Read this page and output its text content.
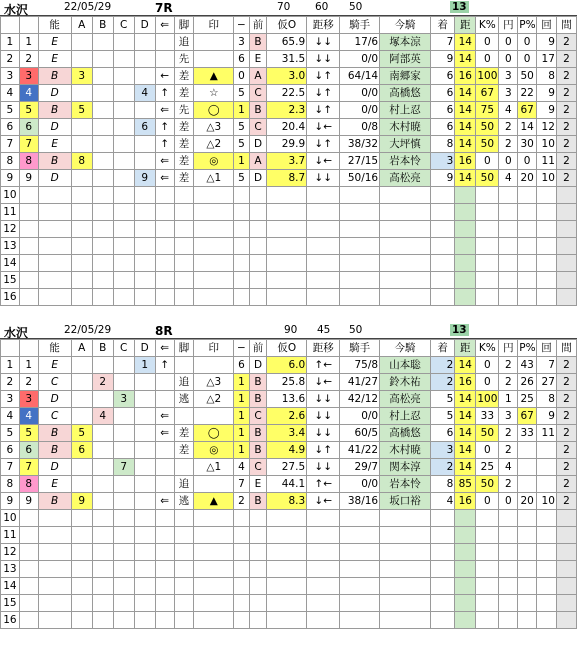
水沢	22/05/29	7R	70 60 50	13
		能	A	B	C	D	⇐	脚	印	−	前	仮O	距移	騎手	今騎	着	距	K%	円	P%	回	間
1	1	E						追		3	B	65.9	↓↓	17/6	塚本涼	7	14	0	0	0	9	2
2	2	E						先		6	E	31.5	↓↓	0/0	阿部英	9	14	0	0	0	17	2
3	3	B	3				←	差	▲	0	A	3.0	↓↑	64/14	南郷家	6	16	100	3	50	8	2
4	4	D				4	↑	差	☆	5	C	22.5	↓↑	0/0	高橋悠	6	14	67	3	22	9	2
5	5	B	5				⇐	先	◯	1	B	2.3	↓↑	0/0	村上忍	6	14	75	4	67	9	2
6	6	D				6	↑	差	△3	5	C	20.4	↓←	0/8	木村暁	6	14	50	2	14	12	2
7	7	E					↑	差	△2	5	D	29.9	↓↑	38/32	大坪慎	8	14	50	2	30	10	2
8	8	B	8				⇐	差	◎	1	A	3.7	↓←	27/15	岩本怜	3	16	0	0	0	11	2
9	9	D				9	⇐	差	△1	5	D	8.7	↓↓	50/16	高松亮	9	14	50	4	20	10	2
10																						
11																						
12																						
13																						
14																						
15																						
16																						
水沢	22/05/29	8R	90 45 50	13
		能	A	B	C	D	⇐	脚	印	−	前	仮O	距移	騎手	今騎	着	距	K%	円	P%	回	間
1	1	E				1	↑			6	D	6.0	↑←	75/8	山本聡	2	14	0	2	43	7	2
2	2	C		2				追	△3	1	B	25.8	↓←	41/27	鈴木祐	2	16	0	2	26	27	2
3	3	D			3			逃	△2	1	B	13.6	↓↓	42/12	高松亮	5	14	100	1	25	8	2
4	4	C		4			⇐			1	C	2.6	↓↓	0/0	村上忍	5	14	33	3	67	9	2
5	5	B	5				⇐	差	◯	1	B	3.4	↓↓	60/5	高橋悠	6	14	50	2	33	11	2
6	6	B	6					差	◎	1	B	4.9	↓↑	41/22	木村暁	3	14	0	2			2
7	7	D			7				△1	4	C	27.5	↓↓	29/7	関本淳	2	14	25	4			2
8	8	E						追		7	E	44.1	↑←	0/0	岩本怜	8	85	50	2			2
9	9	B	9				⇐	逃	▲	2	B	8.3	↓←	38/16	坂口裕	4	16	0	0	20	10	2
10																						
11																						
12																						
13																						
14																						
15																						
16																						
